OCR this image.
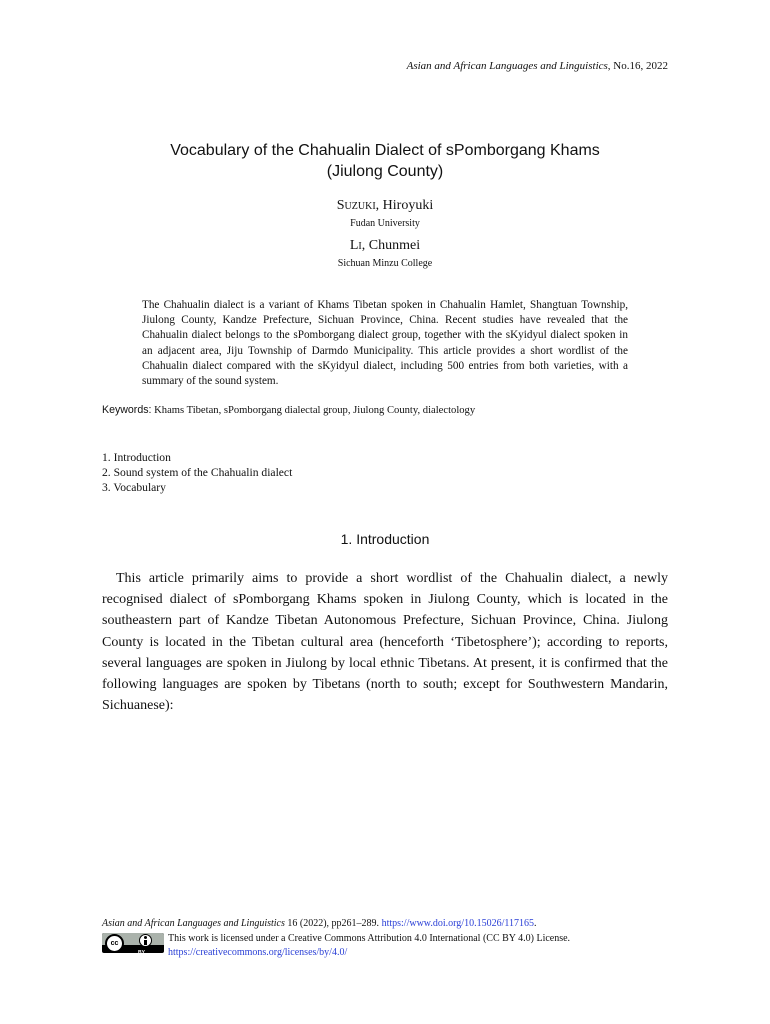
Asian and African Languages and Linguistics, No.16, 2022
Vocabulary of the Chahualin Dialect of sPomborgang Khams
(Jiulong County)
Suzuki, Hiroyuki
Fudan University
Li, Chunmei
Sichuan Minzu College
The Chahualin dialect is a variant of Khams Tibetan spoken in Chahualin Hamlet, Shangtuan Township, Jiulong County, Kandze Prefecture, Sichuan Province, China. Recent studies have revealed that the Chahualin dialect belongs to the sPomborgang dialect group, together with the sKyidyul dialect spoken in an adjacent area, Jiju Township of Darmdo Municipality. This article provides a short wordlist of the Chahualin dialect compared with the sKyidyul dialect, including 500 entries from both varieties, with a summary of the sound system.
Keywords: Khams Tibetan, sPomborgang dialectal group, Jiulong County, dialectology
1. Introduction
2. Sound system of the Chahualin dialect
3. Vocabulary
1. Introduction
This article primarily aims to provide a short wordlist of the Chahualin dialect, a newly recognised dialect of sPomborgang Khams spoken in Jiulong County, which is located in the southeastern part of Kandze Tibetan Autonomous Prefecture, Sichuan Province, China. Jiulong County is located in the Tibetan cultural area (henceforth ‘Tibetosphere’); according to reports, several languages are spoken in Jiulong by local ethnic Tibetans. At present, it is confirmed that the following languages are spoken by Tibetans (north to south; except for Southwestern Mandarin, Sichuanese):
Asian and African Languages and Linguistics 16 (2022), pp261–289. https://www.doi.org/10.15026/117165.
cc
BY
This work is licensed under a Creative Commons Attribution 4.0 International (CC BY 4.0) License.
https://creativecommons.org/licenses/by/4.0/
